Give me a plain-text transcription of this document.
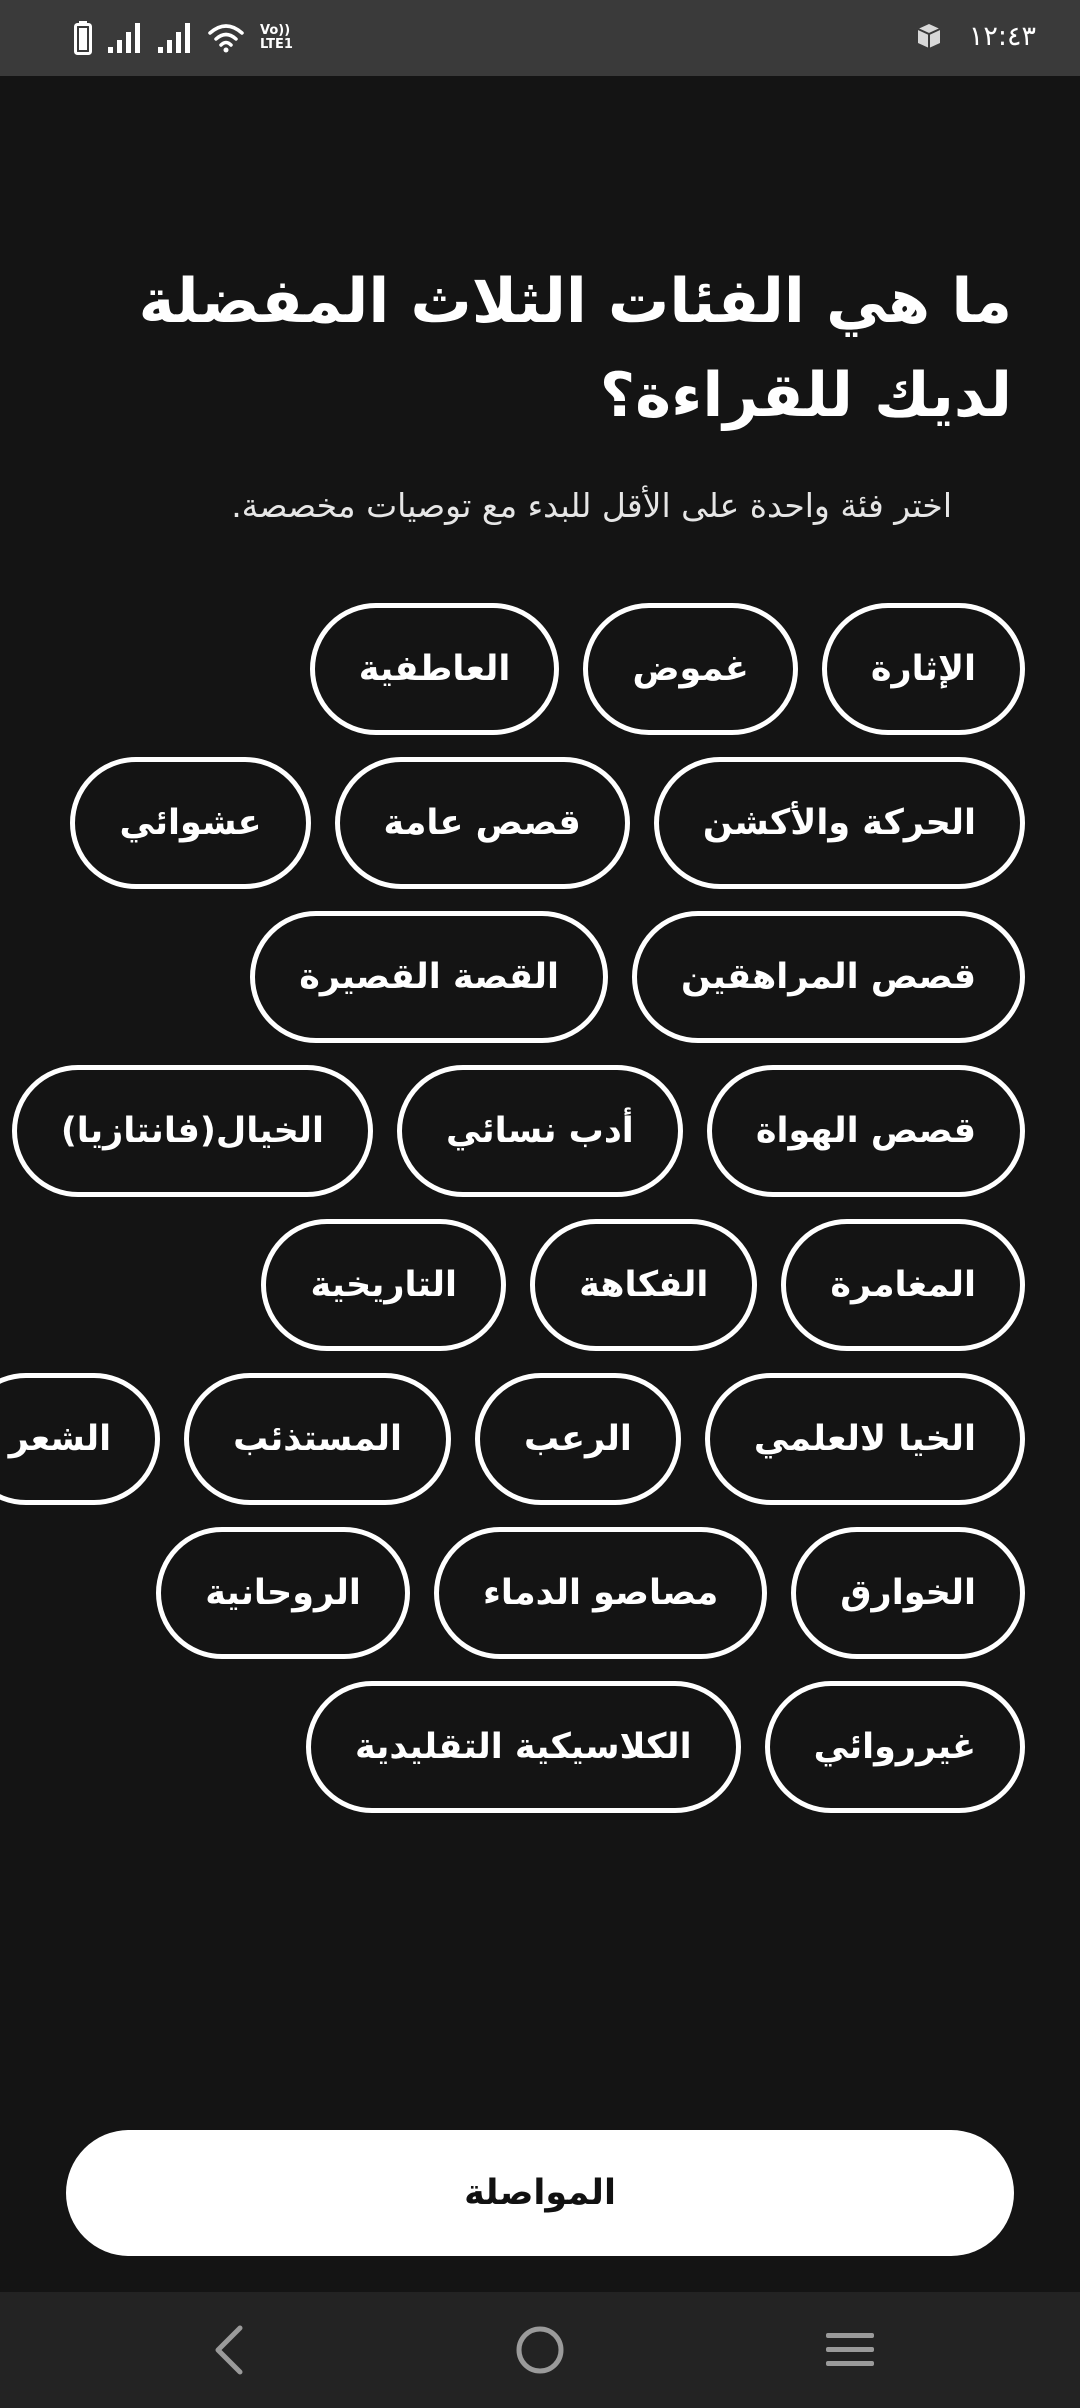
Vo))
LTE1	١٢:٤٣
ما هي الفئات الثلاث المفضلة لديك للقراءة؟

اختر فئة واحدة على الأقل للبدء مع توصيات مخصصة.

العاطفية	غموض	الإثارة
عشوائي	قصص عامة	الحركة والأكشن
القصة القصيرة	قصص المراهقين
الخيال(فانتازيا)	أدب نسائي	قصص الهواة
التاريخية	الفكاهة	المغامرة
الشعر	المستذئب	الرعب	الخيا لالعلمي
الروحانية	مصاصو الدماء	الخوارق
الكلاسيكية التقليدية	غيرروائي
المواصلة
